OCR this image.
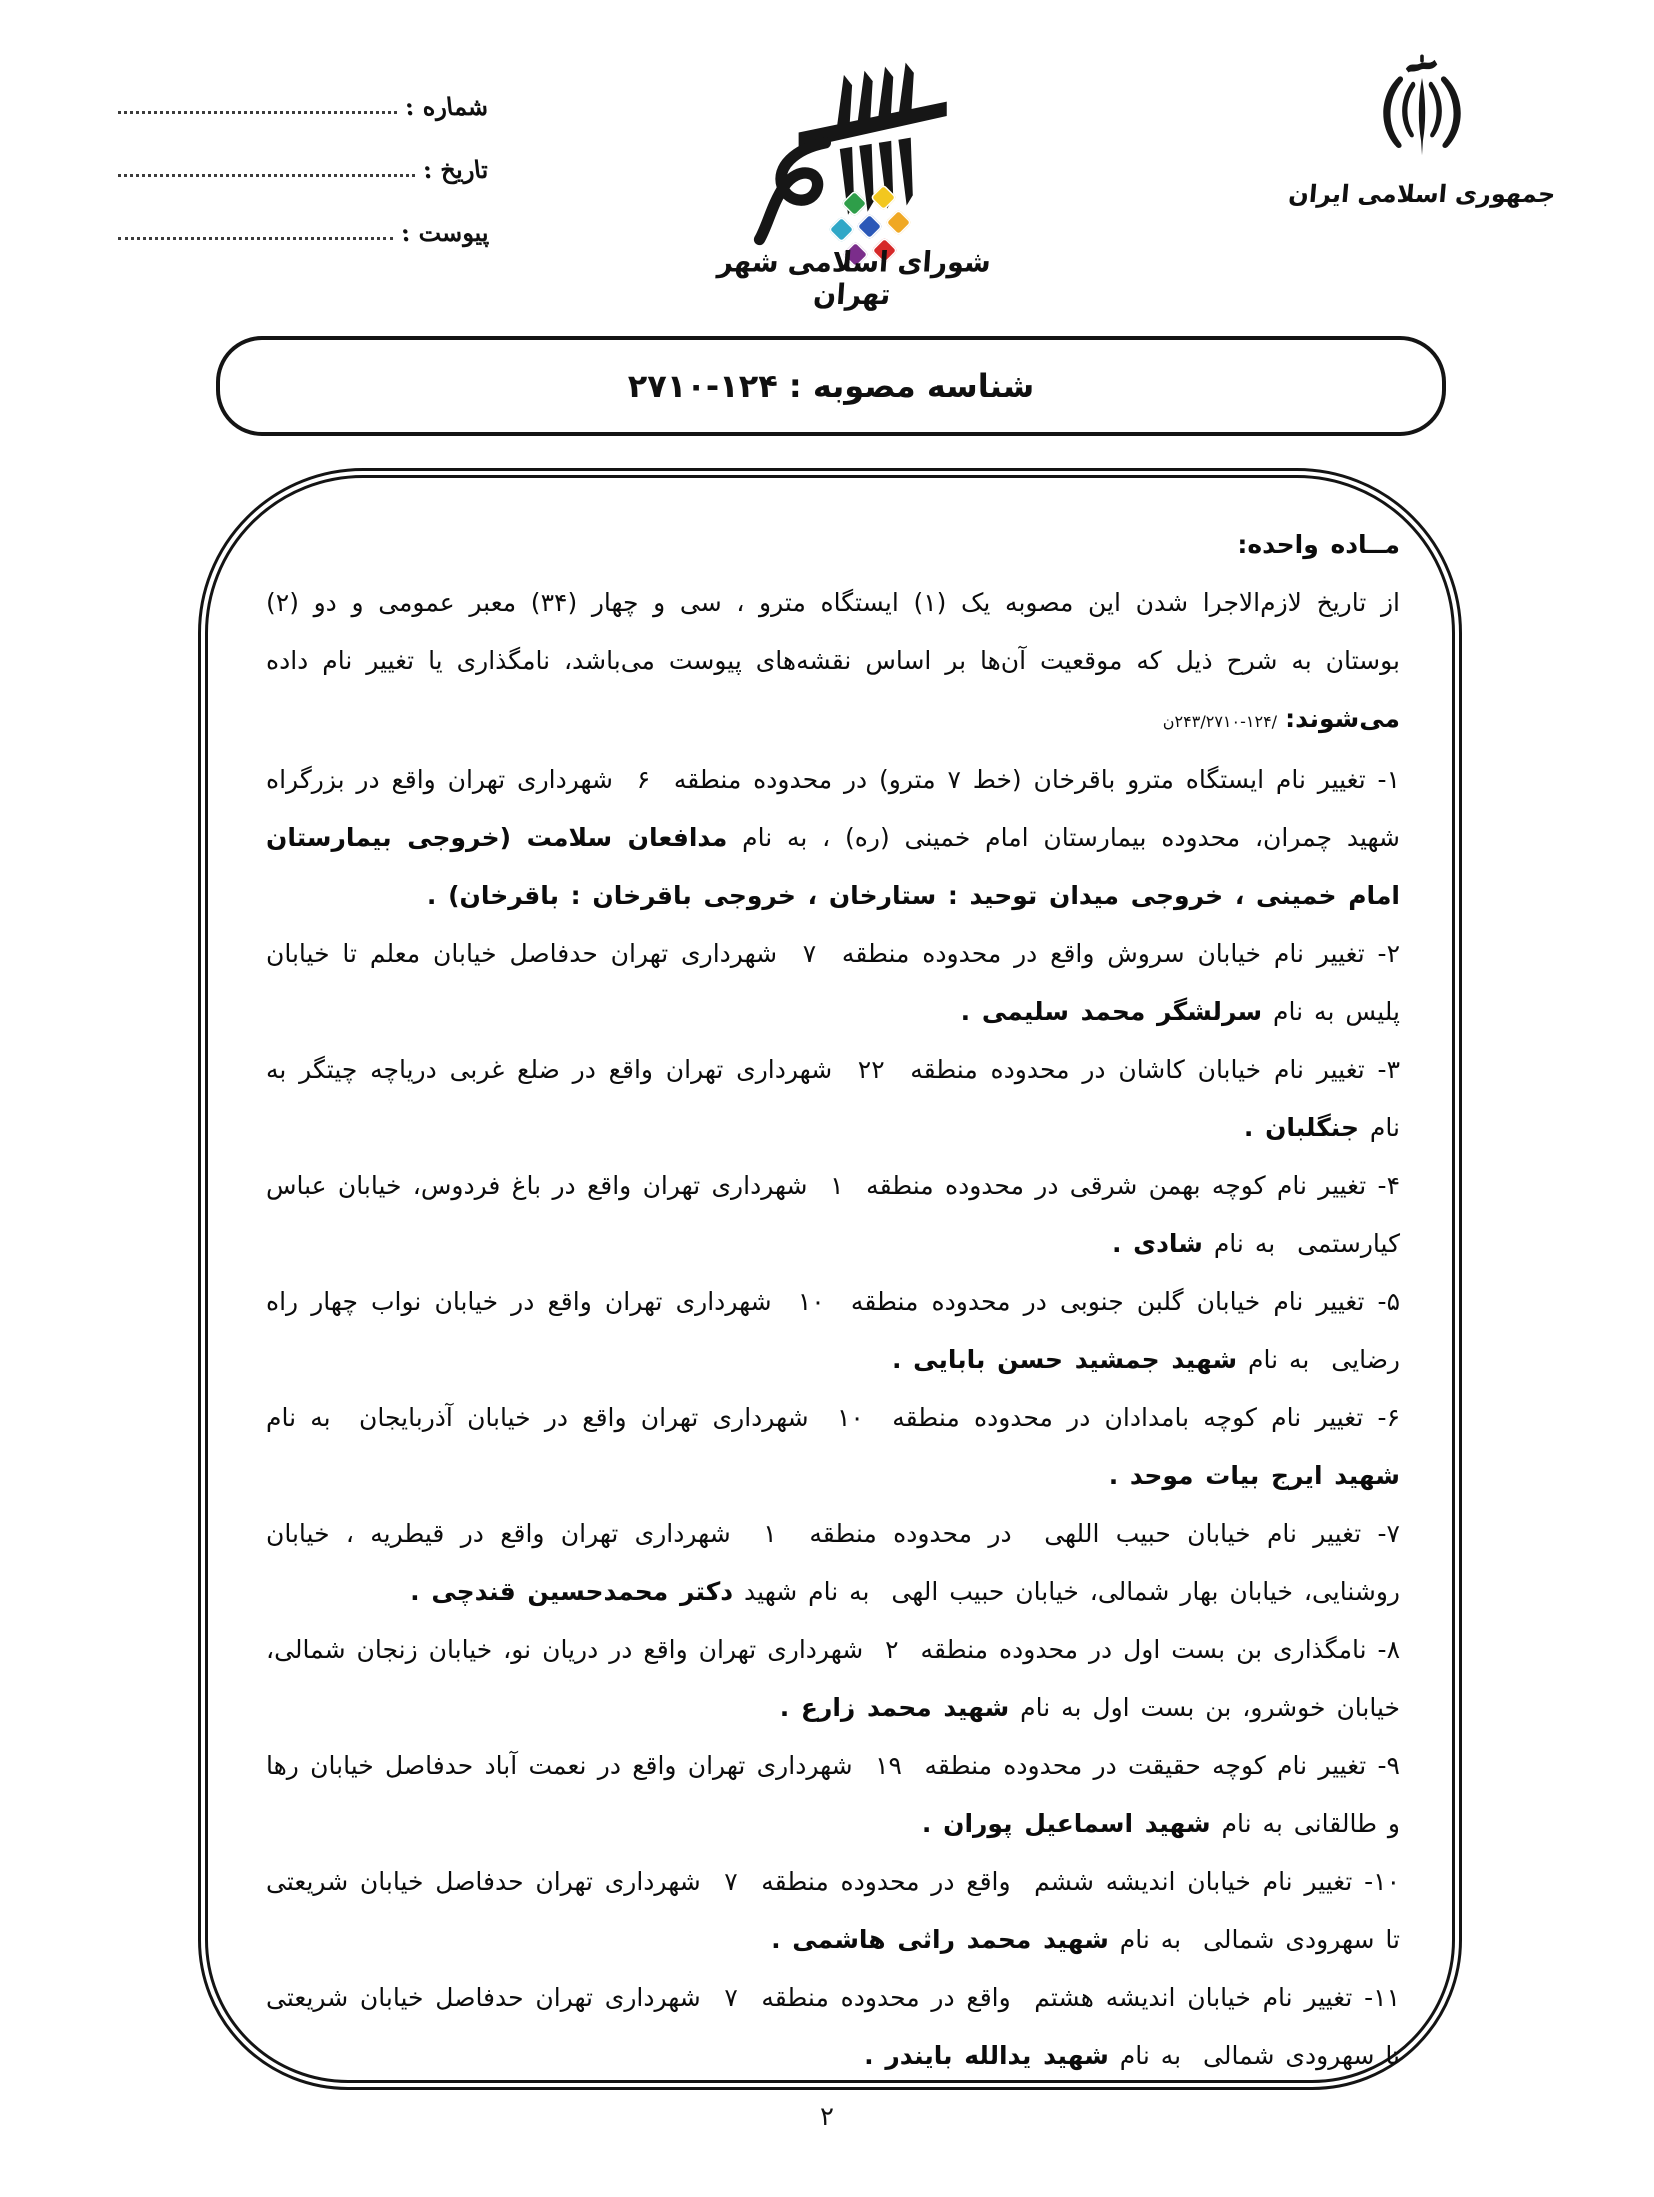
شماره :
تاريخ :
پيوست :
شورای اسلامی شهر تهران
جمهوری اسلامی ایران
شناسه مصوبه : ۱۲۴-۲۷۱۰

مــاده واحده:

از تاریخ لازم‌الاجرا شدن این مصوبه یک (۱) ایستگاه مترو ، سی و چهار (۳۴) معبر عمومی و دو (۲) بوستان به شرح ذیل که موقعیت آن‌ها بر اساس نقشه‌های پیوست می‌باشد، نامگذاری یا تغییر نام داده می‌شوند: /۱۲۴-۲۴۳/۲۷۱۰ن

۱- تغییر نام ایستگاه مترو باقرخان (خط ۷ مترو) در محدوده منطقه  ۶  شهرداری تهران واقع در بزرگراه شهید چمران، محدوده بیمارستان امام خمینی (ره) ، به نام مدافعان سلامت (خروجی بیمارستان امام خمینی ، خروجی میدان توحید : ستارخان ، خروجی باقرخان : باقرخان) .

۲- تغییر نام خیابان سروش واقع در محدوده منطقه  ۷  شهرداری تهران حدفاصل خیابان معلم تا خیابان پلیس به نام سرلشگر محمد سلیمی .

۳- تغییر نام خیابان کاشان در محدوده منطقه  ۲۲  شهرداری تهران واقع در ضلع غربی دریاچه چیتگر به نام جنگلبان .

۴- تغییر نام کوچه بهمن شرقی در محدوده منطقه  ۱  شهرداری تهران واقع در باغ فردوس، خیابان عباس کیارستمی  به نام شادی .

۵- تغییر نام خیابان گلبن جنوبی در محدوده منطقه  ۱۰  شهرداری تهران واقع در خیابان نواب چهار راه رضایی  به نام شهید جمشید حسن بابایی .

۶- تغییر نام کوچه بامدادان در محدوده منطقه  ۱۰  شهرداری تهران واقع در خیابان آذربایجان  به نام شهید ایرج بیات موحد .

۷- تغییر نام خیابان حبیب اللهی  در محدوده منطقه  ۱  شهرداری تهران واقع در قیطریه ، خیابان روشنایی، خیابان بهار شمالی، خیابان حبیب الهی  به نام شهید دکتر محمدحسین قندچی .

۸- نامگذاری بن بست اول در محدوده منطقه  ۲  شهرداری تهران واقع در دریان نو، خیابان زنجان شمالی، خیابان خوشرو، بن بست اول به نام شهید محمد زارع .

۹- تغییر نام کوچه حقیقت در محدوده منطقه  ۱۹  شهرداری تهران واقع در نعمت آباد حدفاصل خیابان رها و طالقانی به نام شهید اسماعیل پوران .

۱۰- تغییر نام خیابان اندیشه ششم  واقع در محدوده منطقه  ۷  شهرداری تهران حدفاصل خیابان شریعتی تا سهرودی شمالی  به نام شهید محمد راثی هاشمی .

۱۱- تغییر نام خیابان اندیشه هشتم  واقع در محدوده منطقه  ۷  شهرداری تهران حدفاصل خیابان شریعتی تا سهرودی شمالی  به نام شهید یدالله بایندر .

۲
